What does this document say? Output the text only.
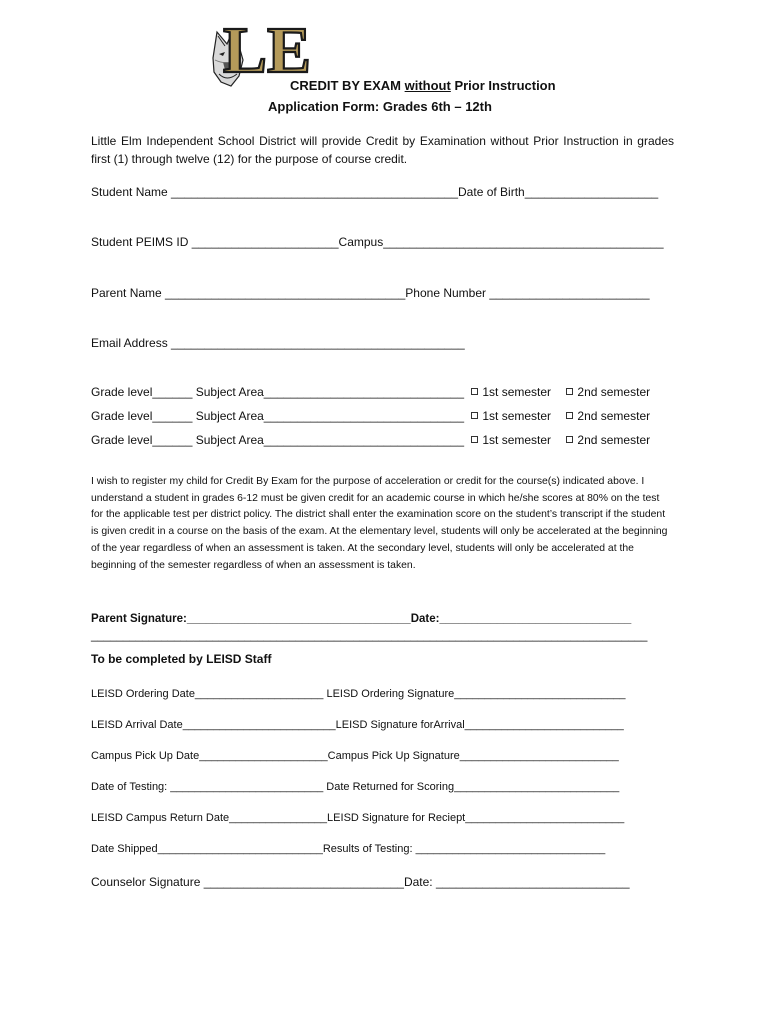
LE
CREDIT BY EXAM without Prior Instruction
Application Form: Grades 6th – 12th
Little Elm Independent School District will provide Credit by Examination without Prior Instruction in grades first (1) through twelve (12) for the purpose of course credit.
Student Name ___________________________________________Date of Birth____________________
Student PEIMS ID ______________________Campus__________________________________________
Parent Name ____________________________________Phone Number ________________________
Email Address ____________________________________________
Grade level______ Subject Area______________________________ 1st semester 2nd semester
Grade level______ Subject Area______________________________ 1st semester 2nd semester
Grade level______ Subject Area______________________________ 1st semester 2nd semester
I wish to register my child for Credit By Exam for the purpose of acceleration or credit for the course(s) indicated above. I understand a student in grades 6-12 must be given credit for an academic course in which he/she scores at 80% on the test for the applicable test per district policy. The district shall enter the examination score on the student’s transcript if the student is given credit in a course on the basis of the exam. At the elementary level, students will only be accelerated at the beginning of the year regardless of when an assessment is taken. At the secondary level, students will only be accelerated at the beginning of the semester regardless of when an assessment is taken.
Parent Signature:___________________________________Date:______________________________
_______________________________________________________________________________________
To be completed by LEISD Staff
LEISD Ordering Date_____________________ LEISD Ordering Signature____________________________
LEISD Arrival Date_________________________LEISD Signature forArrival__________________________
Campus Pick Up Date_____________________Campus Pick Up Signature__________________________
Date of Testing: _________________________ Date Returned for Scoring___________________________
LEISD Campus Return Date________________LEISD Signature for Reciept__________________________
Date Shipped___________________________Results of Testing: _______________________________
Counselor Signature ______________________________Date: _____________________________
